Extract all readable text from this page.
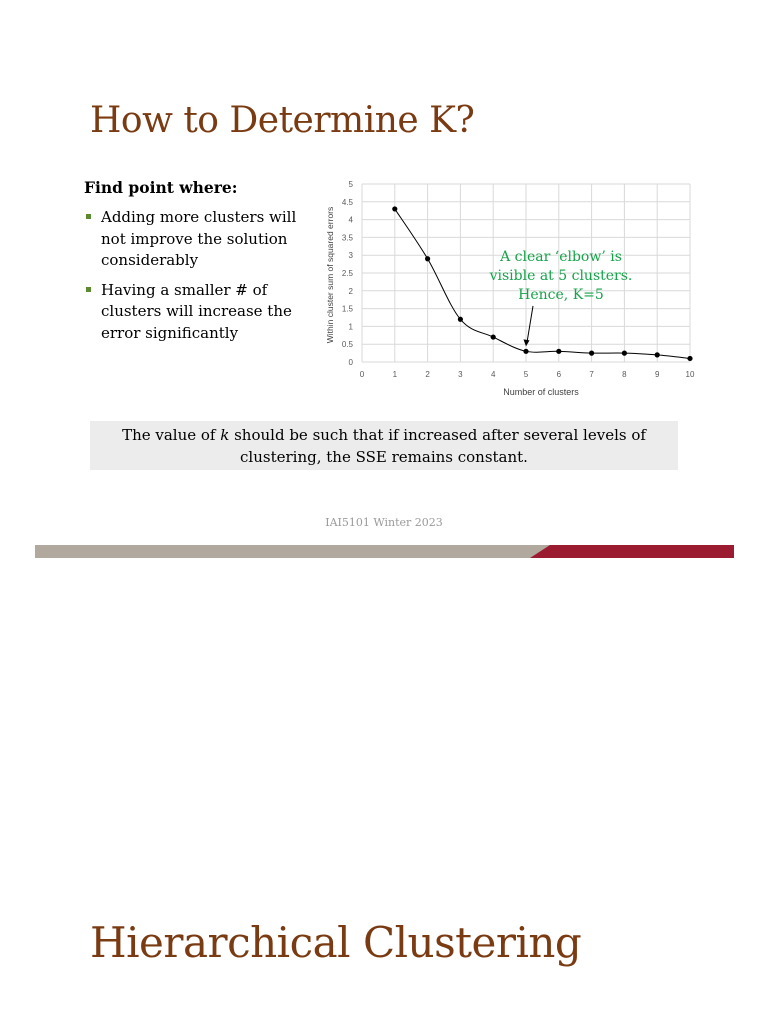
How to Determine K?

Find point where:

Adding more clusters will not improve the solution considerably
Having a smaller # of clusters will increase the error significantly
0
0.5
1
1.5
2
2.5
3
3.5
4
4.5
5
0	1	2	3	4	5	6	7	8	9	10
Number of clusters
Within cluster sum of squared errors	A clear ‘elbow’ is
visible at 5 clusters.
Hence, K=5
The value of k should be such that if increased after several levels of clustering, the SSE remains constant.
IAI5101 Winter 2023
Hierarchical Clustering
